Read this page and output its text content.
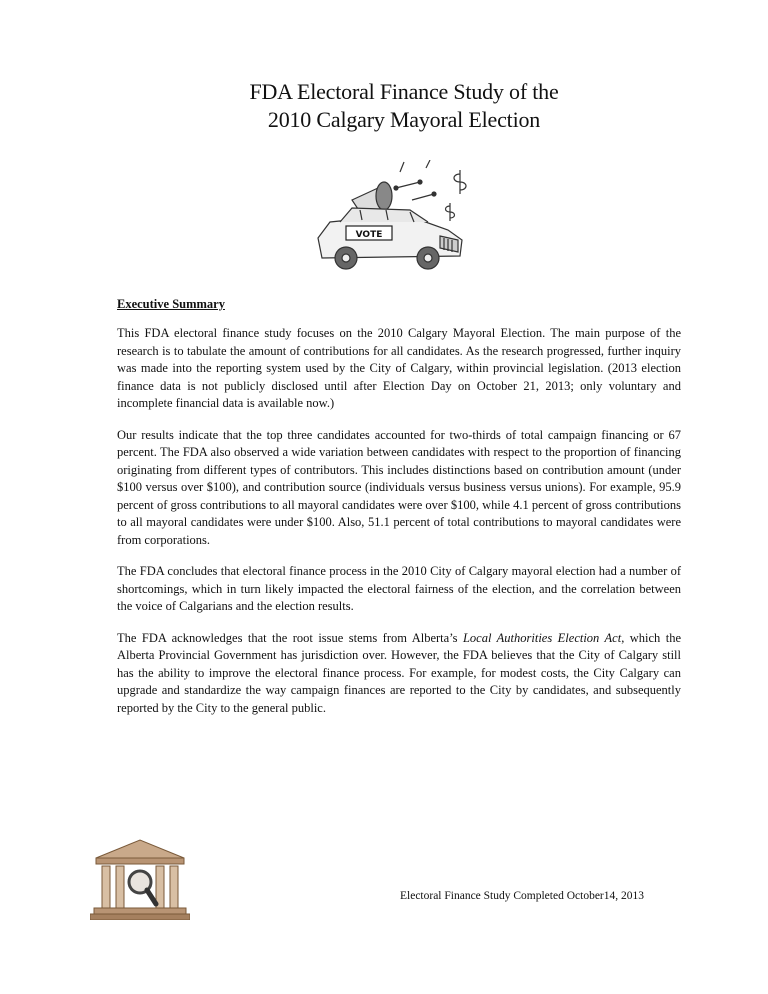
FDA Electoral Finance Study of the
2010 Calgary Mayoral Election
VOTE

Executive Summary

This FDA electoral finance study focuses on the 2010 Calgary Mayoral Election. The main purpose of the research is to tabulate the amount of contributions for all candidates. As the research progressed, further inquiry was made into the reporting system used by the City of Calgary, within provincial legislation. (2013 election finance data is not publicly disclosed until after Election Day on October 21, 2013; only voluntary and incomplete financial data is available now.)

Our results indicate that the top three candidates accounted for two-thirds of total campaign financing or 67 percent. The FDA also observed a wide variation between candidates with respect to the proportion of financing originating from different types of contributors. This includes distinctions based on contribution amount (under $100 versus over $100), and contribution source (individuals versus business versus unions). For example, 95.9 percent of gross contributions to all mayoral candidates were over $100, while 4.1 percent of gross contributions to all mayoral candidates were under $100. Also, 51.1 percent of total contributions to mayoral candidates were from corporations.

The FDA concludes that electoral finance process in the 2010 City of Calgary mayoral election had a number of shortcomings, which in turn likely impacted the electoral fairness of the election, and the correlation between the voice of Calgarians and the election results.

The FDA acknowledges that the root issue stems from Alberta’s Local Authorities Election Act, which the Alberta Provincial Government has jurisdiction over. However, the FDA believes that the City of Calgary still has the ability to improve the electoral finance process. For example, for modest costs, the City Calgary can upgrade and standardize the way campaign finances are reported to the City by candidates, and subsequently reported by the City to the general public.

Electoral Finance Study Completed October14, 2013
